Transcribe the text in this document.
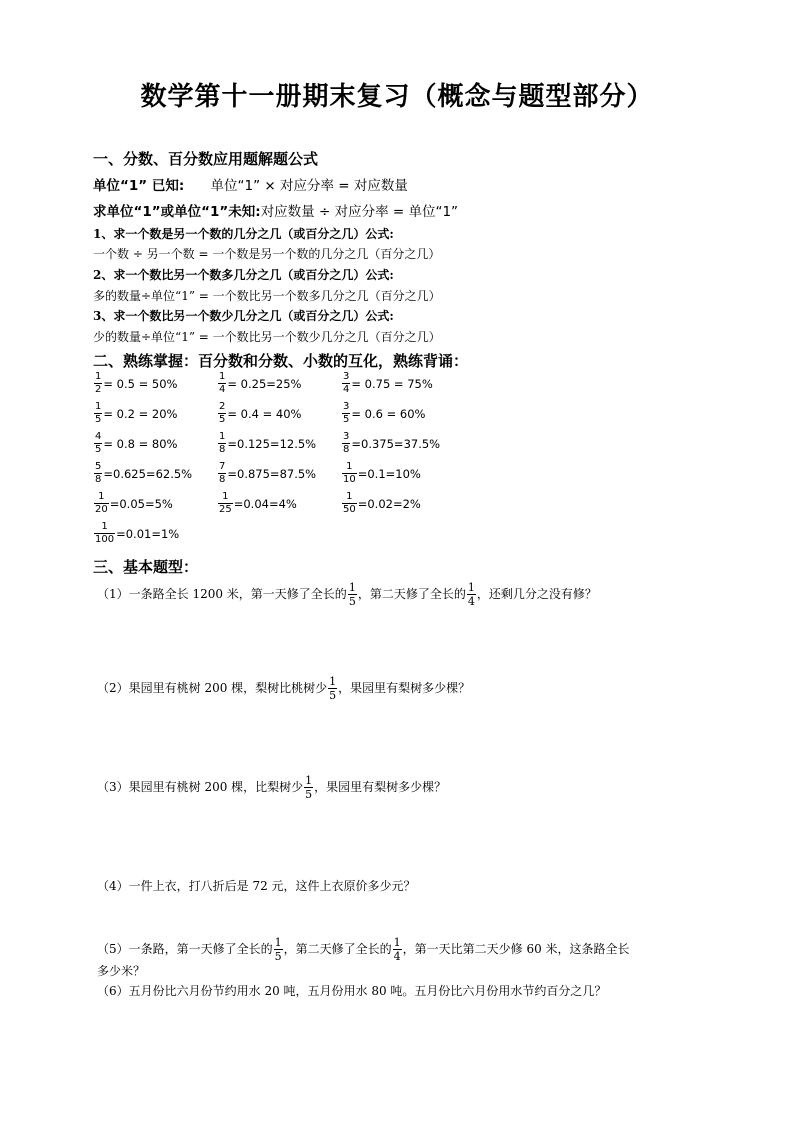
数学第十一册期末复习（概念与题型部分）
一、分数、百分数应用题解题公式
单位“1” 已知: 单位“1” × 对应分率 = 对应数量
求单位“1”或单位“1”未知:对应数量 ÷ 对应分率 = 单位“1”
1、求一个数是另一个数的几分之几（或百分之几）公式:
一个数 ÷ 另一个数 = 一个数是另一个数的几分之几（百分之几）
2、求一个数比另一个数多几分之几（或百分之几）公式:
多的数量÷单位“1” = 一个数比另一个数多几分之几（百分之几）
3、求一个数比另一个数少几分之几（或百分之几）公式:
少的数量÷单位“1” = 一个数比另一个数少几分之几（百分之几）
二、熟练掌握：百分数和分数、小数的互化，熟练背诵：
$\frac{1}{2} = 0.5 = 50\%$	$\frac{1}{4} = 0.25=25\%$	$\frac{3}{4} = 0.75 = 75\%$
$\frac{1}{5} = 0.2 = 20\%$	$\frac{2}{5} = 0.4 = 40\%$	$\frac{3}{5} = 0.6 = 60\%$
$\frac{4}{5} = 0.8 = 80\%$	$\frac{1}{8} =0.125=12.5\%$	$\frac{3}{8} =0.375=37.5\%$
$\frac{5}{8} =0.625=62.5\%$	$\frac{7}{8} =0.875=87.5\%$	$\frac{1}{10} =0.1=10\%$
$\frac{1}{20} =0.05=5\%$	$\frac{1}{25} =0.04=4\%$	$\frac{1}{50} =0.02=2\%$
$\frac{1}{100} =0.01=1\%$
三、基本题型：
（1）一条路全长 1200 米，第一天修了全长的 $\frac{1}{5}$ ，第二天修了全长的 $\frac{1}{4}$ ，还剩几分之没有修？
（2）果园里有桃树 200 棵，梨树比桃树少 $\frac{1}{5}$ ，果园里有梨树多少棵？
（3）果园里有桃树 200 棵，比梨树少 $\frac{1}{5}$ ，果园里有梨树多少棵？
（4）一件上衣，打八折后是 72 元，这件上衣原价多少元？
（5）一条路，第一天修了全长的 $\frac{1}{5}$ ，第二天修了全长的 $\frac{1}{4}$ ，第一天比第二天少修 60 米，这条路全长
多少米？
（6）五月份比六月份节约用水 20 吨，五月份用水 80 吨。五月份比六月份用水节约百分之几？
